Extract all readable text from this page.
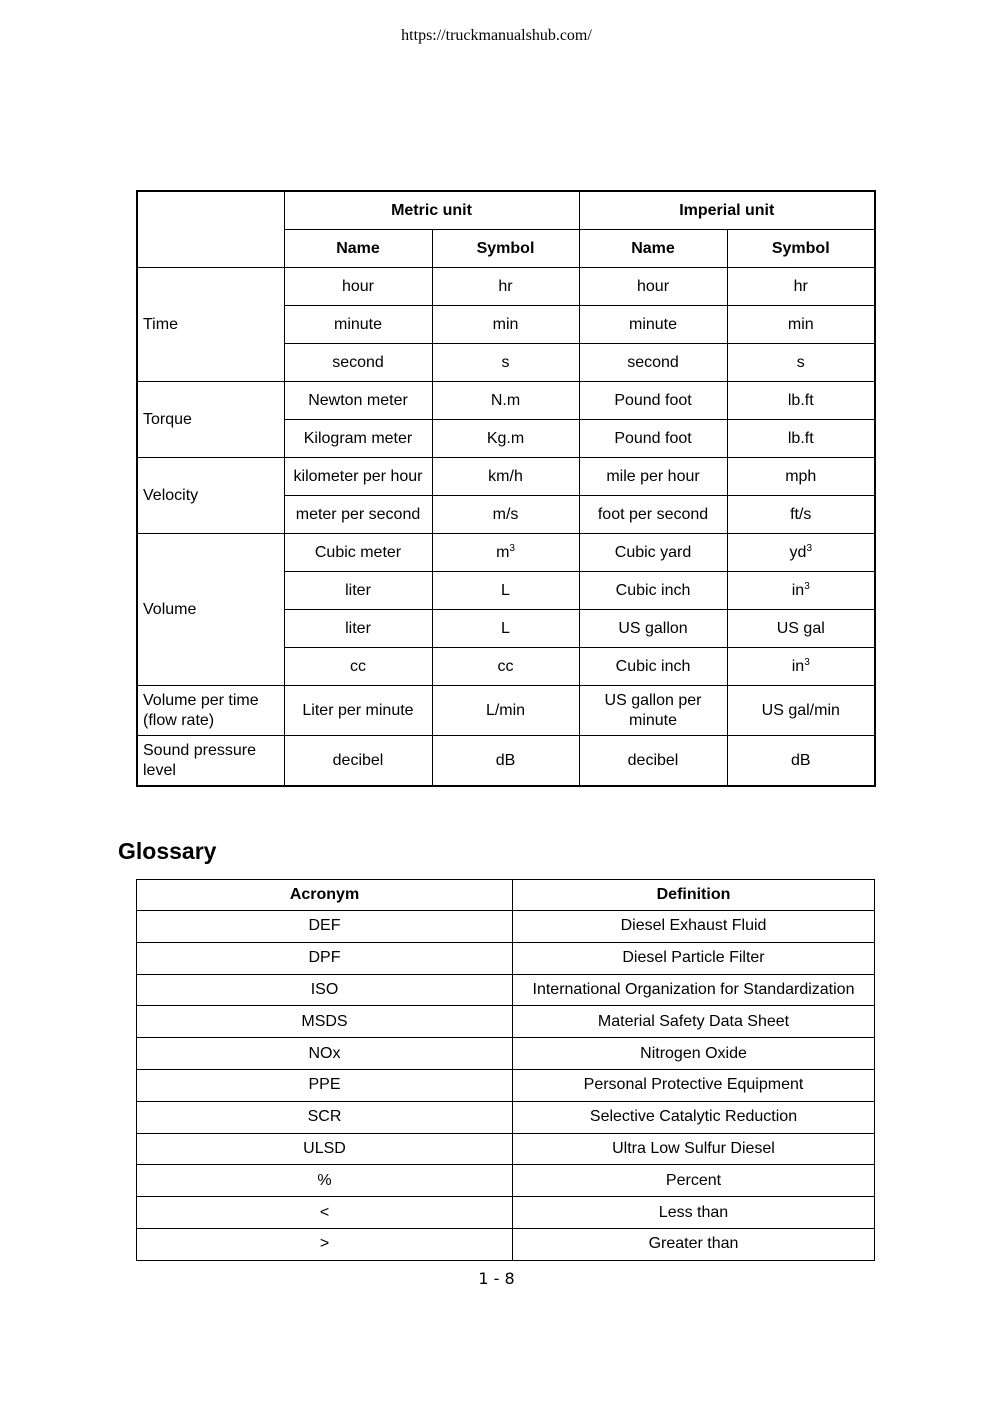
https://truckmanualshub.com/
	Metric unit		Imperial unit	
	Name	Symbol	Name	Symbol
Time	hour	hr	hour	hr
	minute	min	minute	min
	second	s	second	s
Torque	Newton meter	N.m	Pound foot	lb.ft
	Kilogram meter	Kg.m	Pound foot	lb.ft
Velocity	kilometer per hour	km/h	mile per hour	mph
	meter per second	m/s	foot per second	ft/s
Volume	Cubic meter	$m^3$	Cubic yard	$yd^3$
	liter	L	Cubic inch	$in^3$
	liter	L	US gallon	US gal
	cc	cc	Cubic inch	$in^3$
Volume per time (flow rate)	Liter per minute	L/min	US gallon per minute	US gal/min
Sound pressure level	decibel	dB	decibel	dB
Glossary
Acronym	Definition
DEF	Diesel Exhaust Fluid
DPF	Diesel Particle Filter
ISO	International Organization for Standardization
MSDS	Material Safety Data Sheet
NOx	Nitrogen Oxide
PPE	Personal Protective Equipment
SCR	Selective Catalytic Reduction
ULSD	Ultra Low Sulfur Diesel
%	Percent
<	Less than
>	Greater than
1 - 8
